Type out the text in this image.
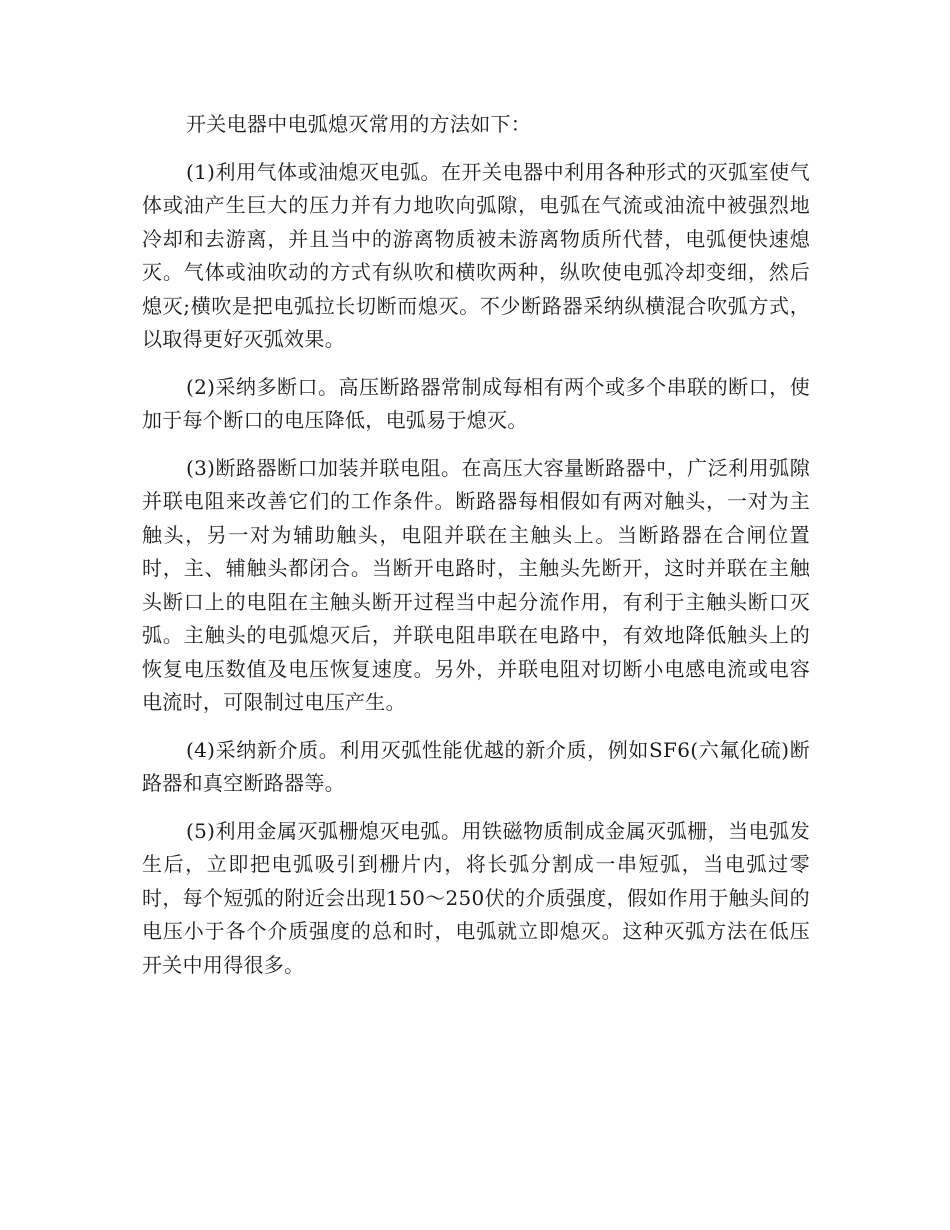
开关电器中电弧熄灭常用的方法如下：

(1)利用气体或油熄灭电弧。在开关电器中利用各种形式的灭弧室使气体或油产生巨大的压力并有力地吹向弧隙，电弧在气流或油流中被强烈地冷却和去游离，并且当中的游离物质被未游离物质所代替，电弧便快速熄灭。气体或油吹动的方式有纵吹和横吹两种，纵吹使电弧冷却变细，然后熄灭;横吹是把电弧拉长切断而熄灭。不少断路器采纳纵横混合吹弧方式，以取得更好灭弧效果。

(2)采纳多断口。高压断路器常制成每相有两个或多个串联的断口，使加于每个断口的电压降低，电弧易于熄灭。

(3)断路器断口加装并联电阻。在高压大容量断路器中，广泛利用弧隙并联电阻来改善它们的工作条件。断路器每相假如有两对触头，一对为主触头，另一对为辅助触头，电阻并联在主触头上。当断路器在合闸位置时，主、辅触头都闭合。当断开电路时，主触头先断开，这时并联在主触头断口上的电阻在主触头断开过程当中起分流作用，有利于主触头断口灭弧。主触头的电弧熄灭后，并联电阻串联在电路中，有效地降低触头上的恢复电压数值及电压恢复速度。另外，并联电阻对切断小电感电流或电容电流时，可限制过电压产生。

(4)采纳新介质。利用灭弧性能优越的新介质，例如SF6(六氟化硫)断路器和真空断路器等。

(5)利用金属灭弧栅熄灭电弧。用铁磁物质制成金属灭弧栅，当电弧发生后，立即把电弧吸引到栅片内，将长弧分割成一串短弧，当电弧过零时，每个短弧的附近会出现150～250伏的介质强度，假如作用于触头间的电压小于各个介质强度的总和时，电弧就立即熄灭。这种灭弧方法在低压开关中用得很多。
